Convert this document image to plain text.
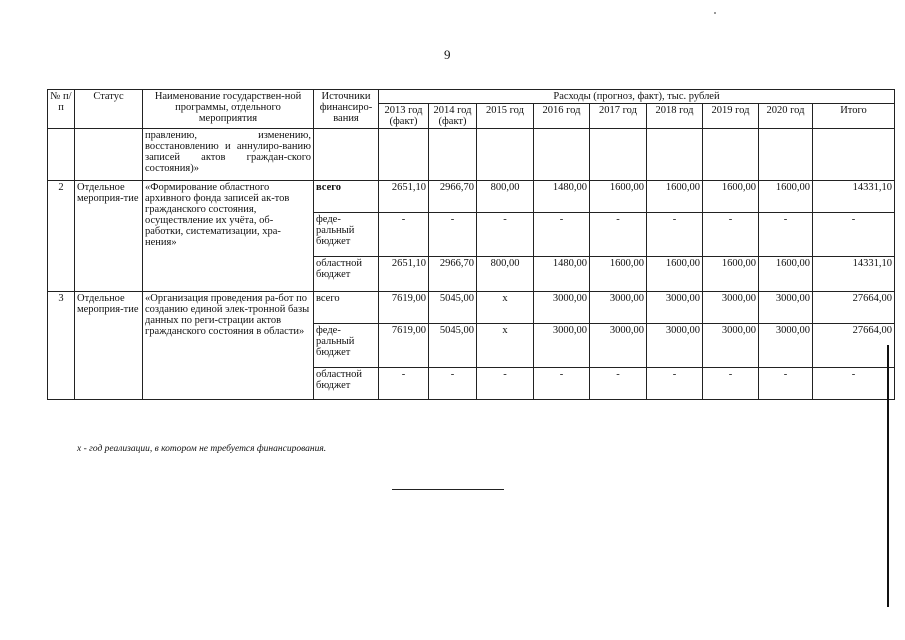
9
№ п/п	Статус	Наименование государствен-ной программы, отдельного мероприятия	Источники финансиро-вания	Расходы (прогноз, факт), тыс. рублей								
				2013 год (факт)	2014 год (факт)	2015 год	2016 год	2017 год	2018 год	2019 год	2020 год	Итого
		правлению, изменению, восстановлению и аннулиро-ванию записей актов граждан-ского состояния)»										
2	Отдельное мероприя-тие	«Формирование областного архивного фонда записей ак-тов гражданского состояния, осуществление их учёта, об-работки, систематизации, хра-нения»	всего	2651,10	2966,70	800,00	1480,00	1600,00	1600,00	1600,00	1600,00	14331,10
			феде-ральный бюджет	-	-	-	-	-	-	-	-	-
			областной бюджет	2651,10	2966,70	800,00	1480,00	1600,00	1600,00	1600,00	1600,00	14331,10
3	Отдельное мероприя-тие	«Организация проведения ра-бот по созданию единой элек-тронной базы данных по реги-страции актов гражданского состояния в области»	всего	7619,00	5045,00	х	3000,00	3000,00	3000,00	3000,00	3000,00	27664,00
			феде-ральный бюджет	7619,00	5045,00	х	3000,00	3000,00	3000,00	3000,00	3000,00	27664,00
			областной бюджет	-	-	-	-	-	-	-	-	-
х - год реализации, в котором не требуется финансирования.
